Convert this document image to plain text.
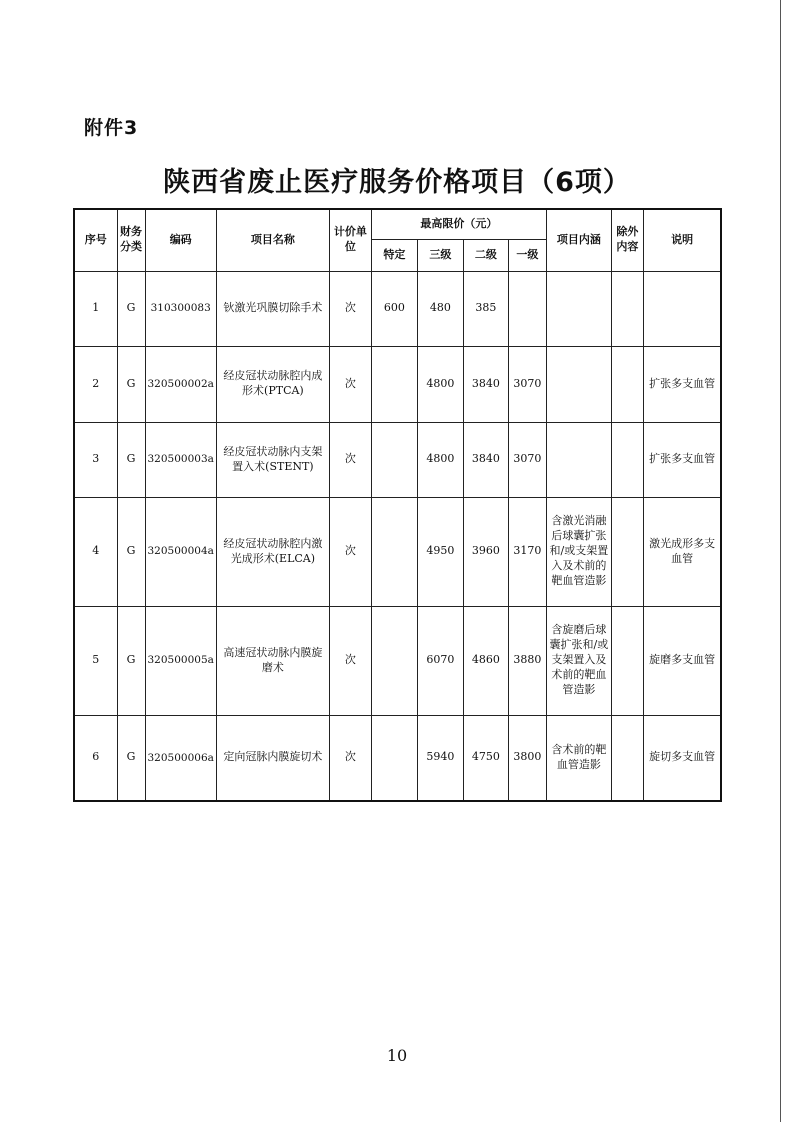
附件3
陕西省废止医疗服务价格项目（6项）
序号	财务分类	编码	项目名称	计价单位	最高限价（元）				项目内涵	除外内容	说明
					特定	三级	二级	一级			
1	G	310300083	钬激光巩膜切除手术	次	600	480	385				
2	G	320500002a	经皮冠状动脉腔内成形术(PTCA)	次		4800	3840	3070			扩张多支血管
3	G	320500003a	经皮冠状动脉内支架置入术(STENT)	次		4800	3840	3070			扩张多支血管
4	G	320500004a	经皮冠状动脉腔内激光成形术(ELCA)	次		4950	3960	3170	含激光消融后球囊扩张和/或支架置入及术前的靶血管造影		激光成形多支血管
5	G	320500005a	高速冠状动脉内膜旋磨术	次		6070	4860	3880	含旋磨后球囊扩张和/或支架置入及术前的靶血管造影		旋磨多支血管
6	G	320500006a	定向冠脉内膜旋切术	次		5940	4750	3800	含术前的靶血管造影		旋切多支血管
10
